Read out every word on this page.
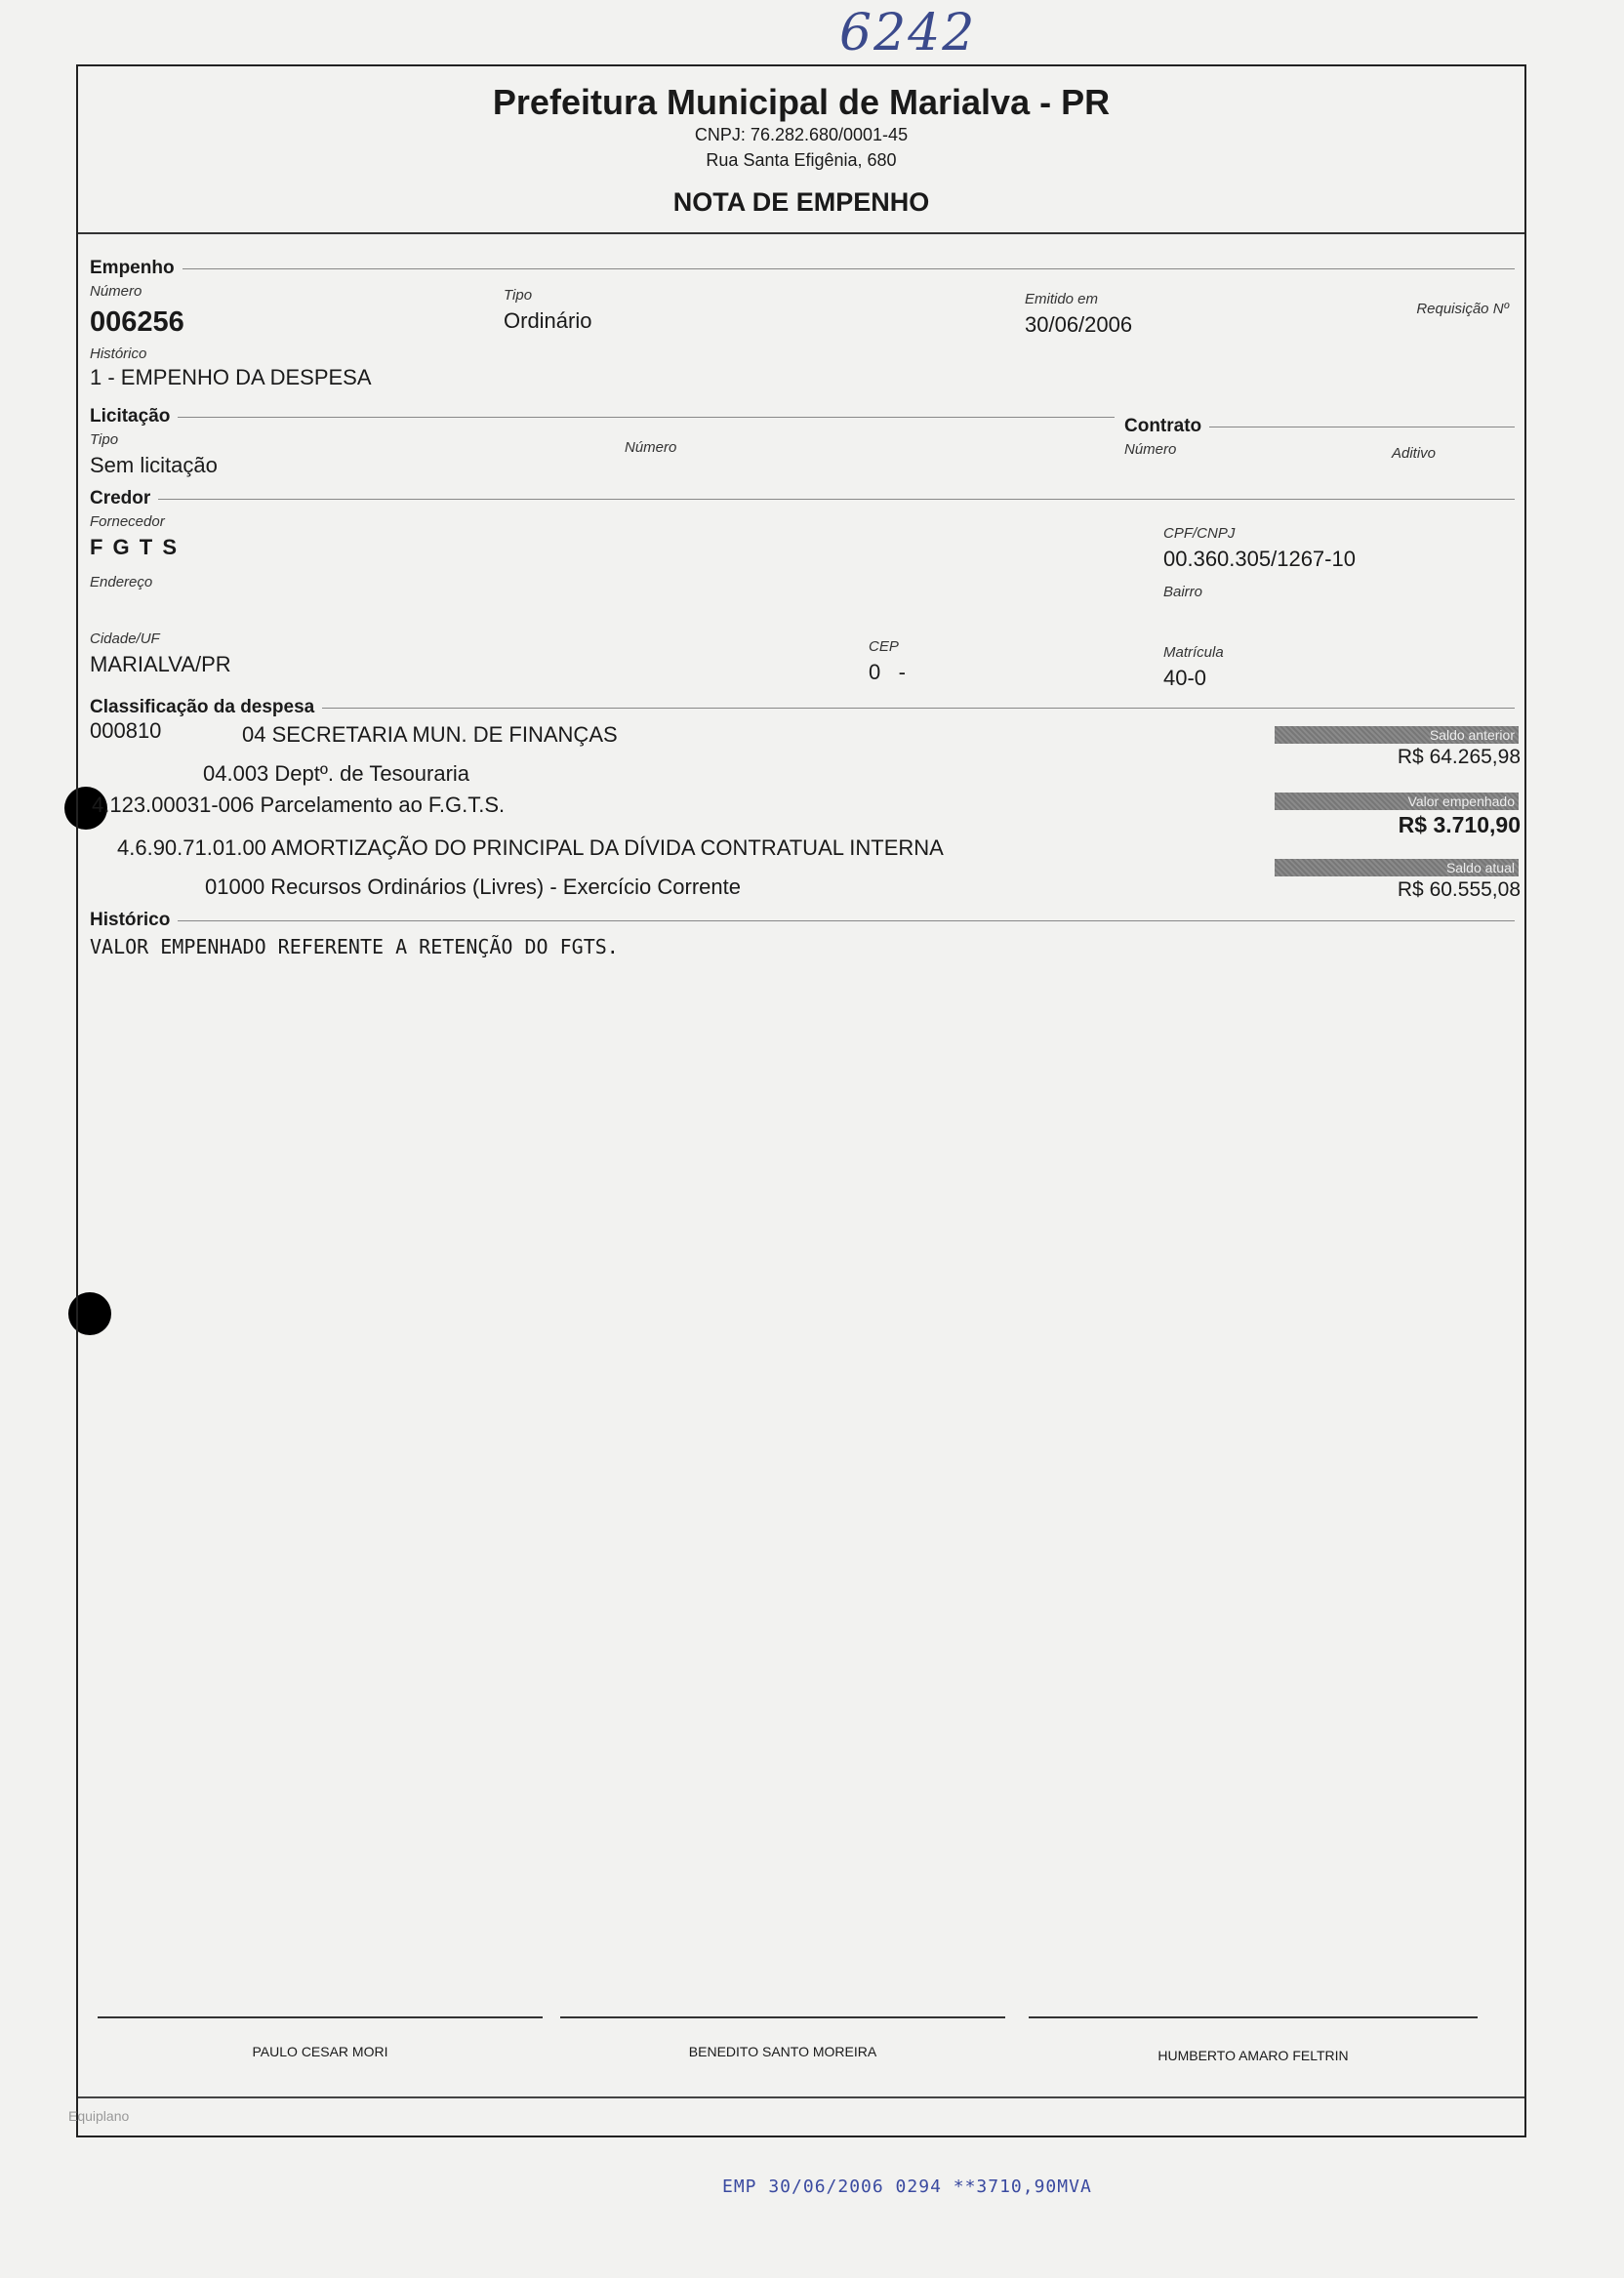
6242
Prefeitura Municipal de Marialva - PR
CNPJ: 76.282.680/0001-45
Rua Santa Efigênia, 680
NOTA DE EMPENHO
Empenho
Número
006256
Tipo
Ordinário
Emitido em
30/06/2006
Requisição Nº
Histórico
1 - EMPENHO DA DESPESA
Licitação	Contrato
Tipo
Sem licitação
Número	Número	Aditivo
Credor
Fornecedor
F G T S
CPF/CNPJ
00.360.305/1267-10
Endereço
Bairro
Cidade/UF
MARIALVA/PR
CEP
0   -
Matrícula
40-0
Classificação da despesa
000810	04 SECRETARIA MUN. DE FINANÇAS
04.003 Deptº. de Tesouraria
4.123.00031-006 Parcelamento ao F.G.T.S.
4.6.90.71.01.00 AMORTIZAÇÃO DO PRINCIPAL DA DÍVIDA CONTRATUAL INTERNA
01000 Recursos Ordinários (Livres) - Exercício Corrente
Saldo anterior
R$ 64.265,98
Valor empenhado
R$ 3.710,90
Saldo atual
R$ 60.555,08
Histórico
VALOR EMPENHADO REFERENTE A RETENÇÃO DO FGTS.
PAULO CESAR MORI	BENEDITO SANTO MOREIRA	HUMBERTO AMARO FELTRIN
Equiplano
EMP 30/06/2006 0294 **3710,90MVA
